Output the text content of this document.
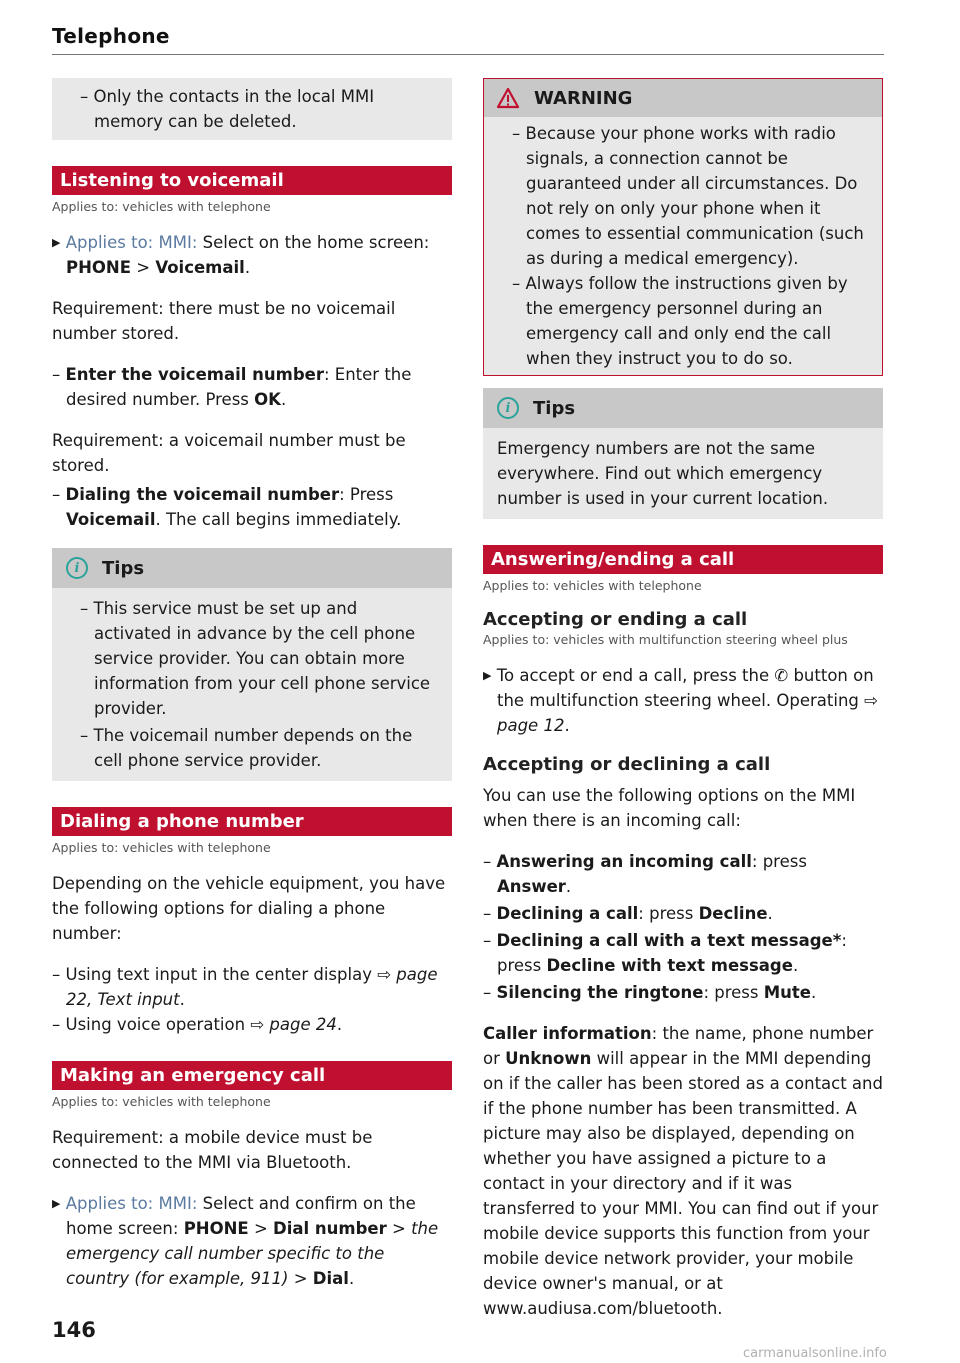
Telephone
– Only the contacts in the local MMI memory can be deleted.
Listening to voicemail
Applies to: vehicles with telephone
▶ Applies to: MMI: Select on the home screen: PHONE > Voicemail.

Requirement: there must be no voicemail number stored.

– Enter the voicemail number: Enter the desired number. Press OK.

Requirement: a voicemail number must be stored.

– Dialing the voicemail number: Press Voicemail. The call begins immediately.
i	Tips
– This service must be set up and activated in advance by the cell phone service provider. You can obtain more information from your cell phone service provider.
– The voicemail number depends on the cell phone service provider.
Dialing a phone number
Applies to: vehicles with telephone

Depending on the vehicle equipment, you have the following options for dialing a phone number:

– Using text input in the center display ⇨ page 22, Text input.
– Using voice operation ⇨ page 24.
Making an emergency call
Applies to: vehicles with telephone

Requirement: a mobile device must be connected to the MMI via Bluetooth.

▶ Applies to: MMI: Select and confirm on the home screen: PHONE > Dial number > the emergency call number specific to the country (for example, 911) > Dial.
WARNING
– Because your phone works with radio signals, a connection cannot be guaranteed under all circumstances. Do not rely on only your phone when it comes to essential communication (such as during a medical emergency).
– Always follow the instructions given by the emergency personnel during an emergency call and only end the call when they instruct you to do so.
i	Tips

Emergency numbers are not the same everywhere. Find out which emergency number is used in your current location.

Answering/ending a call
Applies to: vehicles with telephone
Accepting or ending a call
Applies to: vehicles with multifunction steering wheel plus
▶ To accept or end a call, press the ✆ button on the multifunction steering wheel. Operating ⇨ page 12.
Accepting or declining a call

You can use the following options on the MMI when there is an incoming call:

– Answering an incoming call: press Answer.
– Declining a call: press Decline.
– Declining a call with a text message*: press Decline with text message.
– Silencing the ringtone: press Mute.

Caller information: the name, phone number or Unknown will appear in the MMI depending on if the caller has been stored as a contact and if the phone number has been transmitted. A picture may also be displayed, depending on whether you have assigned a picture to a contact in your directory and if it was transferred to your MMI. You can find out if your mobile device supports this function from your mobile device network provider, your mobile device owner's manual, or at www.audiusa.com/bluetooth.

146
carmanualsonline.info
